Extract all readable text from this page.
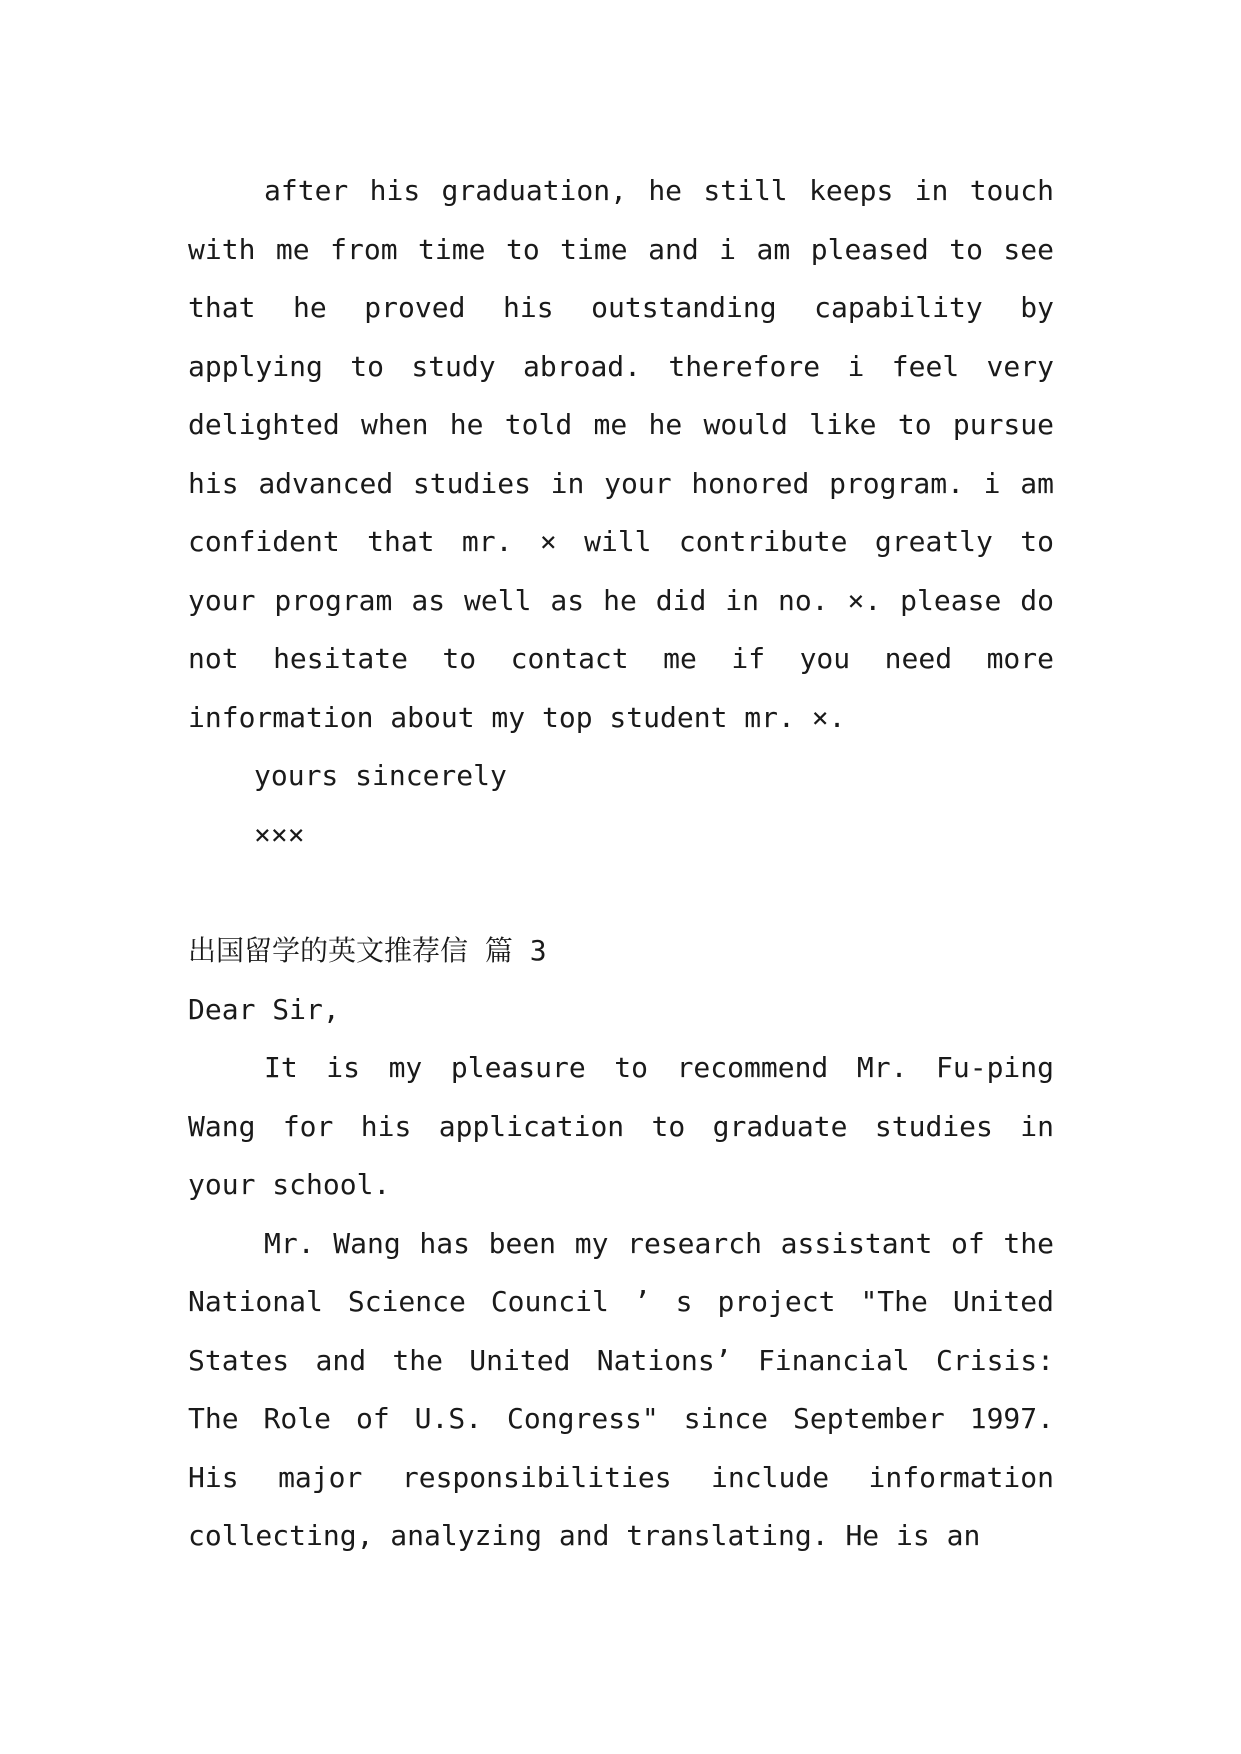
after his graduation, he still keeps in touch with me from time to time and i am pleased to see that he proved his outstanding capability by applying to study abroad. therefore i feel very delighted when he told me he would like to pursue his advanced studies in your honored program. i am confident that mr. × will contribute greatly to your program as well as he did in no. ×. please do not hesitate to contact me if you need more information about my top student mr. ×.

yours sincerely

×××

出国留学的英文推荐信 篇 3

Dear Sir,

It is my pleasure to recommend Mr. Fu-ping Wang for his application to graduate studies in your school.

Mr. Wang has been my research assistant of the National Science Council ’ s project "The United States and the United Nations’ Financial Crisis: The Role of U.S. Congress" since September 1997. His major responsibilities include information collecting, analyzing and translating. He is an
